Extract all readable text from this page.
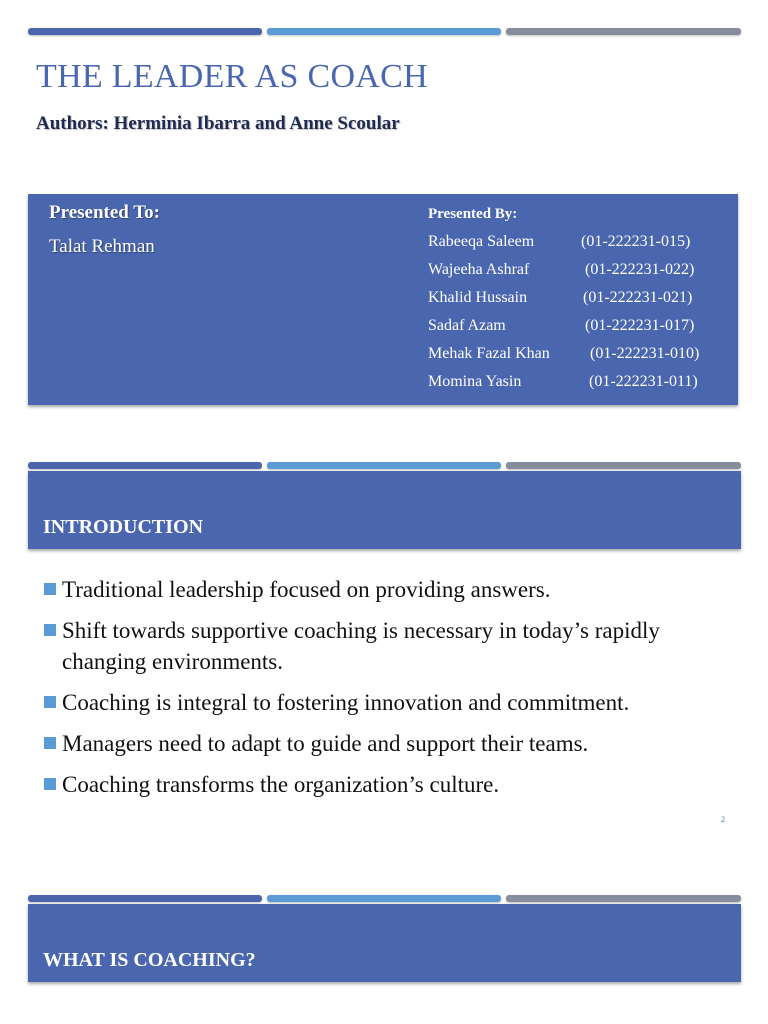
THE LEADER AS COACH
Authors: Herminia Ibarra and Anne Scoular
Presented To:
Talat Rehman
Presented By:
Rabeeqa Saleem	(01-222231-015)
Wajeeha Ashraf	(01-222231-022)
Khalid Hussain	(01-222231-021)
Sadaf Azam	(01-222231-017)
Mehak Fazal Khan	(01-222231-010)
Momina Yasin	(01-222231-011)
INTRODUCTION
Traditional leadership focused on providing answers.
Shift towards supportive coaching is necessary in today’s rapidly changing environments.
Coaching is integral to fostering innovation and commitment.
Managers need to adapt to guide and support their teams.
Coaching transforms the organization’s culture.
2
WHAT IS COACHING?
